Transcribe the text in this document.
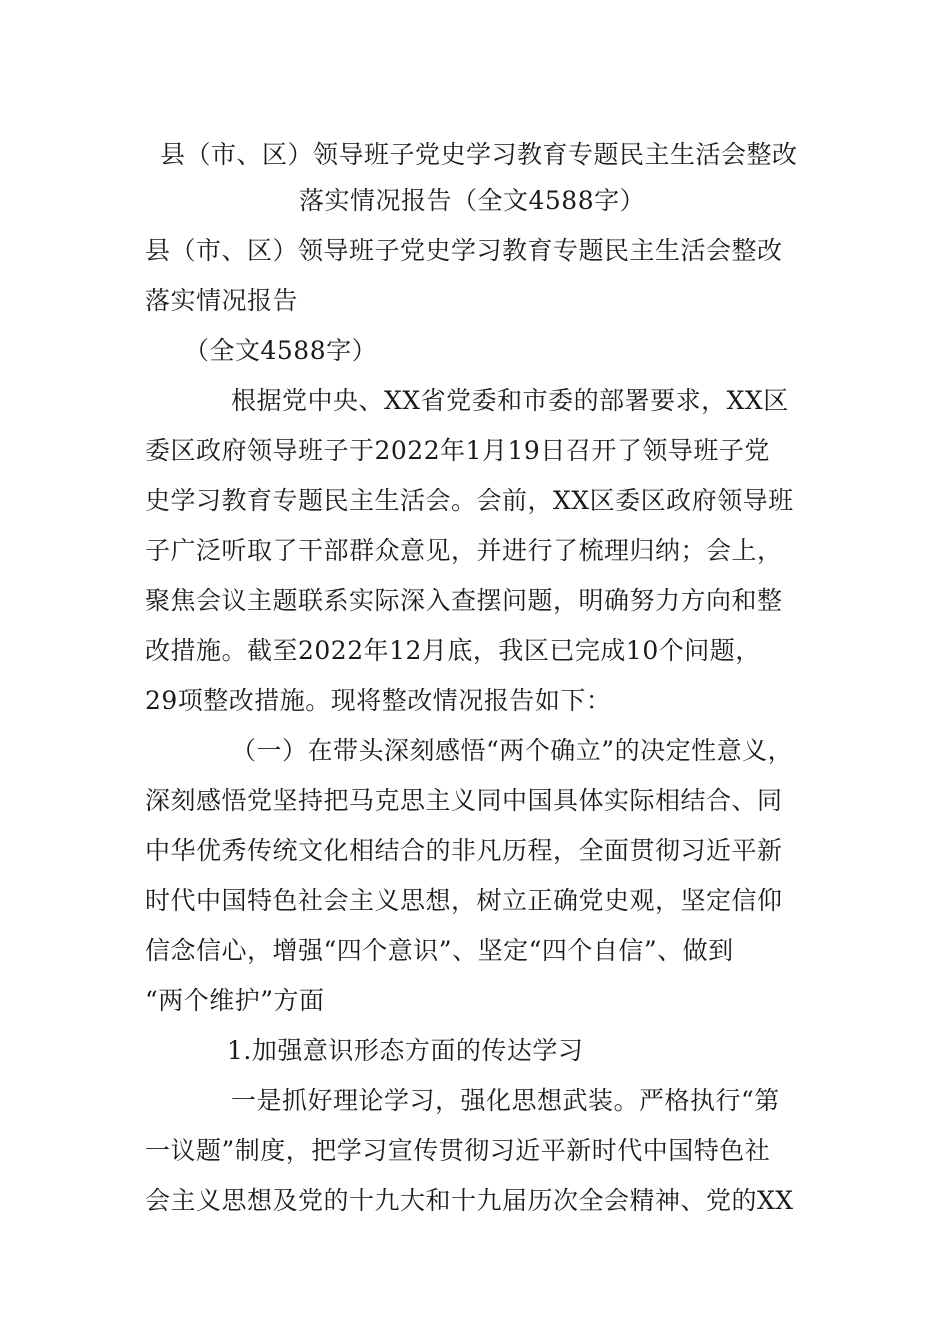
县（市、区）领导班子党史学习教育专题民主生活会整改
落实情况报告（全文4588字）
县（市、区）领导班子党史学习教育专题民主生活会整改
落实情况报告
（全文4588字）
根据党中央、XX省党委和市委的部署要求，XX区
委区政府领导班子于2022年1月19日召开了领导班子党
史学习教育专题民主生活会。会前，XX区委区政府领导班
子广泛听取了干部群众意见，并进行了梳理归纳；会上，
聚焦会议主题联系实际深入查摆问题，明确努力方向和整
改措施。截至2022年12月底，我区已完成10个问题，
29项整改措施。现将整改情况报告如下：
（一）在带头深刻感悟“两个确立”的决定性意义，
深刻感悟党坚持把马克思主义同中国具体实际相结合、同
中华优秀传统文化相结合的非凡历程，全面贯彻习近平新
时代中国特色社会主义思想，树立正确党史观，坚定信仰
信念信心，增强“四个意识”、坚定“四个自信”、做到
“两个维护”方面
1.加强意识形态方面的传达学习
一是抓好理论学习，强化思想武装。严格执行“第
一议题”制度，把学习宣传贯彻习近平新时代中国特色社
会主义思想及党的十九大和十九届历次全会精神、党的XX
